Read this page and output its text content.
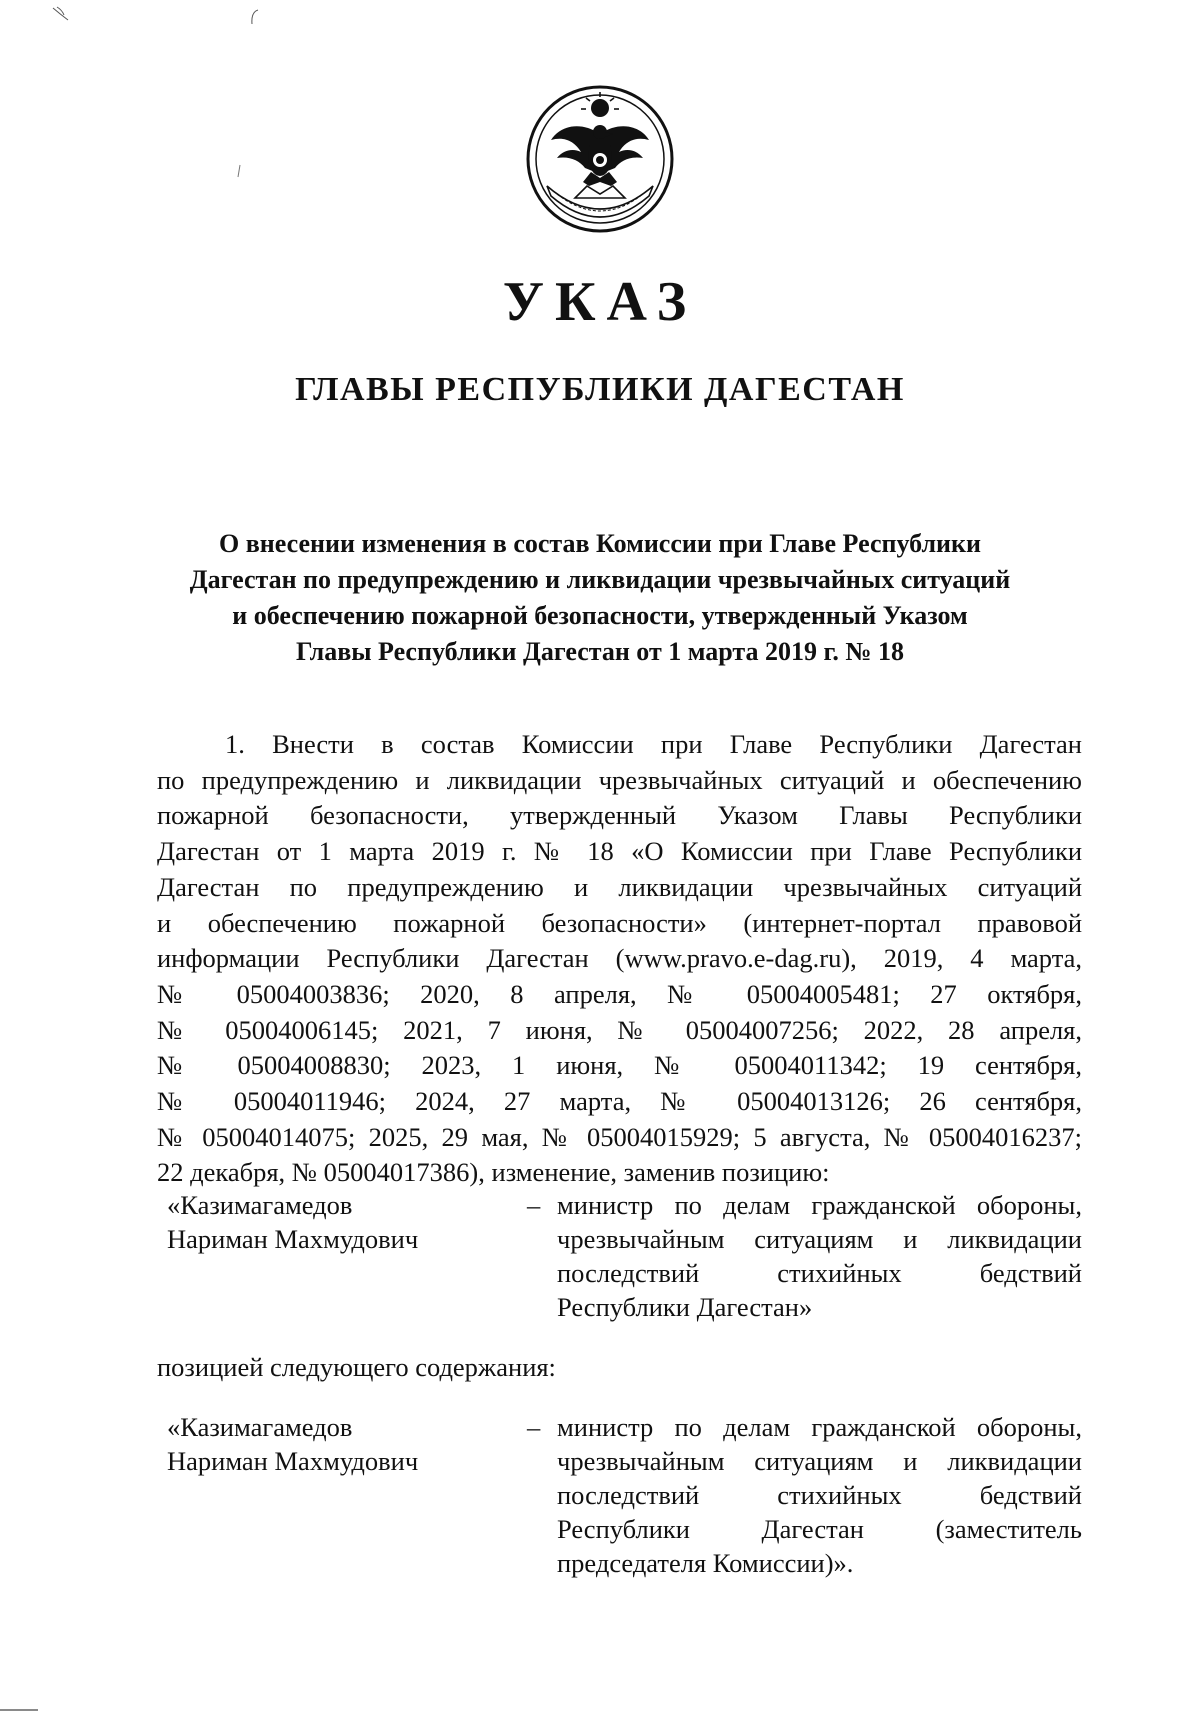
УКАЗ
ГЛАВЫ РЕСПУБЛИКИ ДАГЕСТАН
О внесении изменения в состав Комиссии при Главе Республики
Дагестан по предупреждению и ликвидации чрезвычайных ситуаций
и обеспечению пожарной безопасности, утвержденный Указом
Главы Республики Дагестан от 1 марта 2019 г. № 18
1. Внести в состав Комиссии при Главе Республики Дагестан
по предупреждению и ликвидации чрезвычайных ситуаций и обеспечению
пожарной безопасности, утвержденный Указом Главы Республики
Дагестан от 1 марта 2019 г. № 18 «О Комиссии при Главе Республики
Дагестан по предупреждению и ликвидации чрезвычайных ситуаций
и обеспечению пожарной безопасности» (интернет-портал правовой
информации Республики Дагестан (www.pravo.e-dag.ru), 2019, 4 марта,
№ 05004003836; 2020, 8 апреля, № 05004005481; 27 октября,
№ 05004006145; 2021, 7 июня, № 05004007256; 2022, 28 апреля,
№ 05004008830; 2023, 1 июня, № 05004011342; 19 сентября,
№ 05004011946; 2024, 27 марта, № 05004013126; 26 сентября,
№ 05004014075; 2025, 29 мая, № 05004015929; 5 августа, № 05004016237;
22 декабря, № 05004017386), изменение, заменив позицию:
«Казимагамедов
Нариман Махмудович
– министр по делам гражданской обороны,
чрезвычайным ситуациям и ликвидации
последствий стихийных бедствий
Республики Дагестан»
позицией следующего содержания:
«Казимагамедов
Нариман Махмудович
– министр по делам гражданской обороны,
чрезвычайным ситуациям и ликвидации
последствий стихийных бедствий
Республики Дагестан (заместитель
председателя Комиссии)».
